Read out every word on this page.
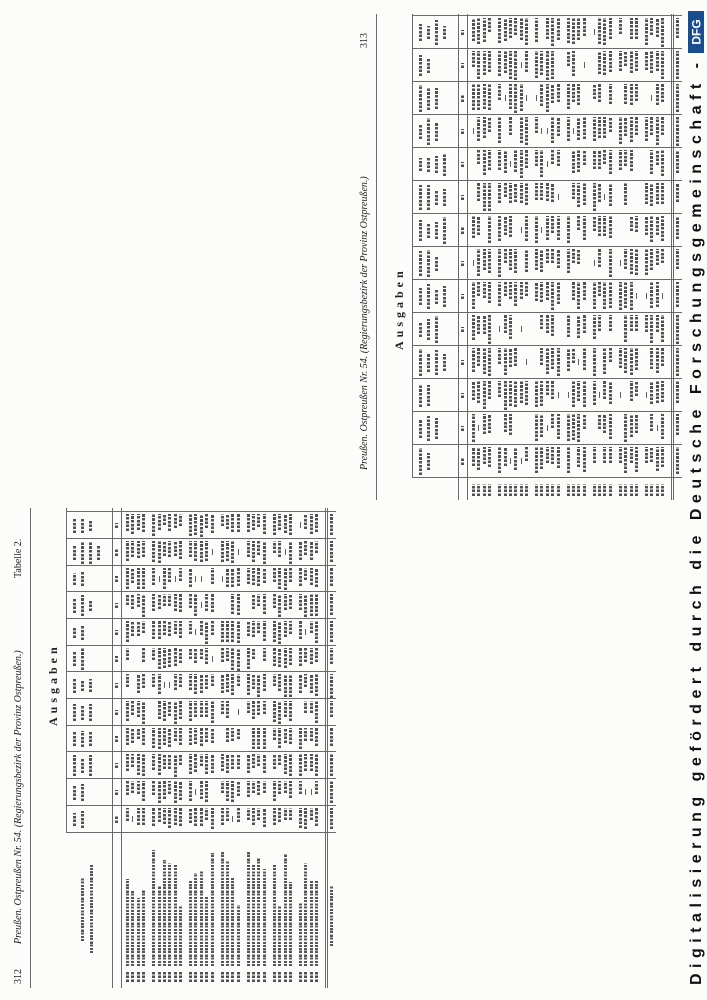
312
Preußen. Ostpreußen Nr. 54. (Regierungsbezirk der Provinz Ostpreußen.)
Tabelle 2.
Ausgaben
Preußen. Ostpreußen Nr. 54. (Regierungsbezirk der Provinz Ostpreußen.)
313
Ausgaben
Digitalisierung gefördert durch die Deutsche Forschungsgemeinschaft -
DFG
